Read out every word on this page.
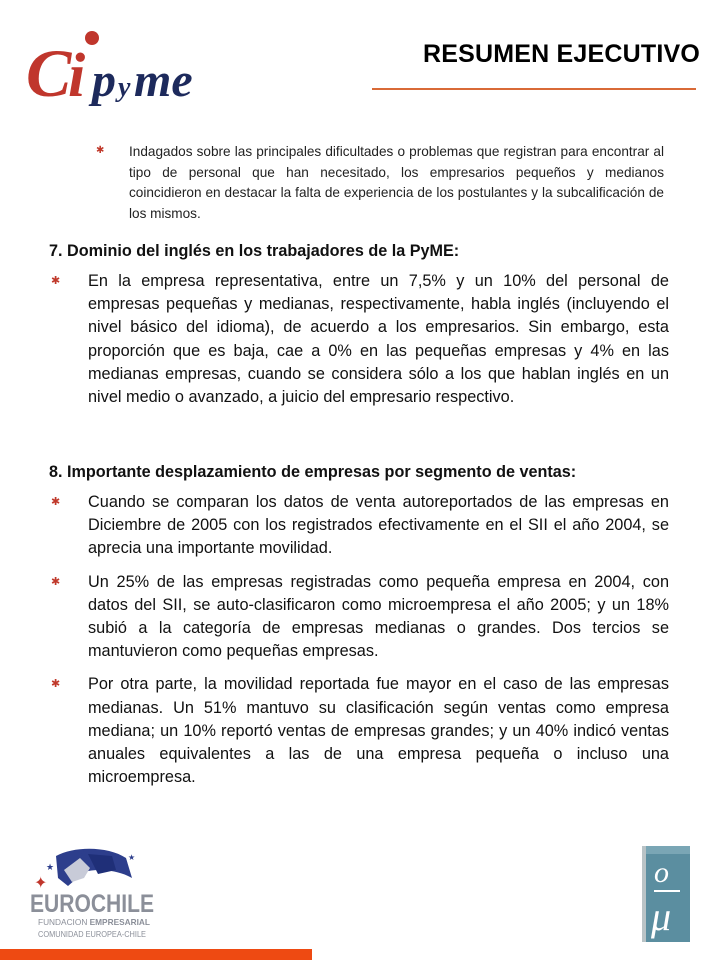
C
i p y me	RESUMEN EJECUTIVO
✱ Indagados sobre las principales dificultades o problemas que registran para encontrar al tipo de personal que han necesitado, los empresarios pequeños y medianos coincidieron en destacar la falta de experiencia de los postulantes y la subcalificación de los mismos.
7. Dominio del inglés en los trabajadores de la PyME:
✱ En la empresa representativa, entre un 7,5% y un 10% del personal de empresas pequeñas y medianas, respectivamente, habla inglés (incluyendo el nivel básico del idioma), de acuerdo a los empresarios. Sin embargo, esta proporción que es baja, cae a 0% en las pequeñas empresas y 4% en las medianas empresas, cuando se considera sólo a los que hablan inglés en un nivel medio o avanzado, a juicio del empresario respectivo.
8. Importante desplazamiento de empresas por segmento de ventas:
✱ Cuando se comparan los datos de venta autoreportados de las empresas en Diciembre de 2005 con los registrados efectivamente en el SII el año 2004, se aprecia una importante movilidad.
✱ Un 25% de las empresas registradas como pequeña empresa en 2004, con datos del SII, se auto-clasificaron como microempresa el año 2005; y un 18% subió a la categoría de empresas medianas o grandes. Dos tercios se mantuvieron como pequeñas empresas.
✱ Por otra parte, la movilidad reportada fue mayor en el caso de las empresas medianas. Un 51% mantuvo su clasificación según ventas como empresa mediana; un 10% reportó ventas de empresas grandes; y un 40% indicó ventas anuales equivalentes a las de una empresa pequeña o incluso una microempresa.
✦
★
★	★
EUROCHILE
FUNDACION EMPRESARIAL
COMUNIDAD EUROPEA-CHILE
o
μ
